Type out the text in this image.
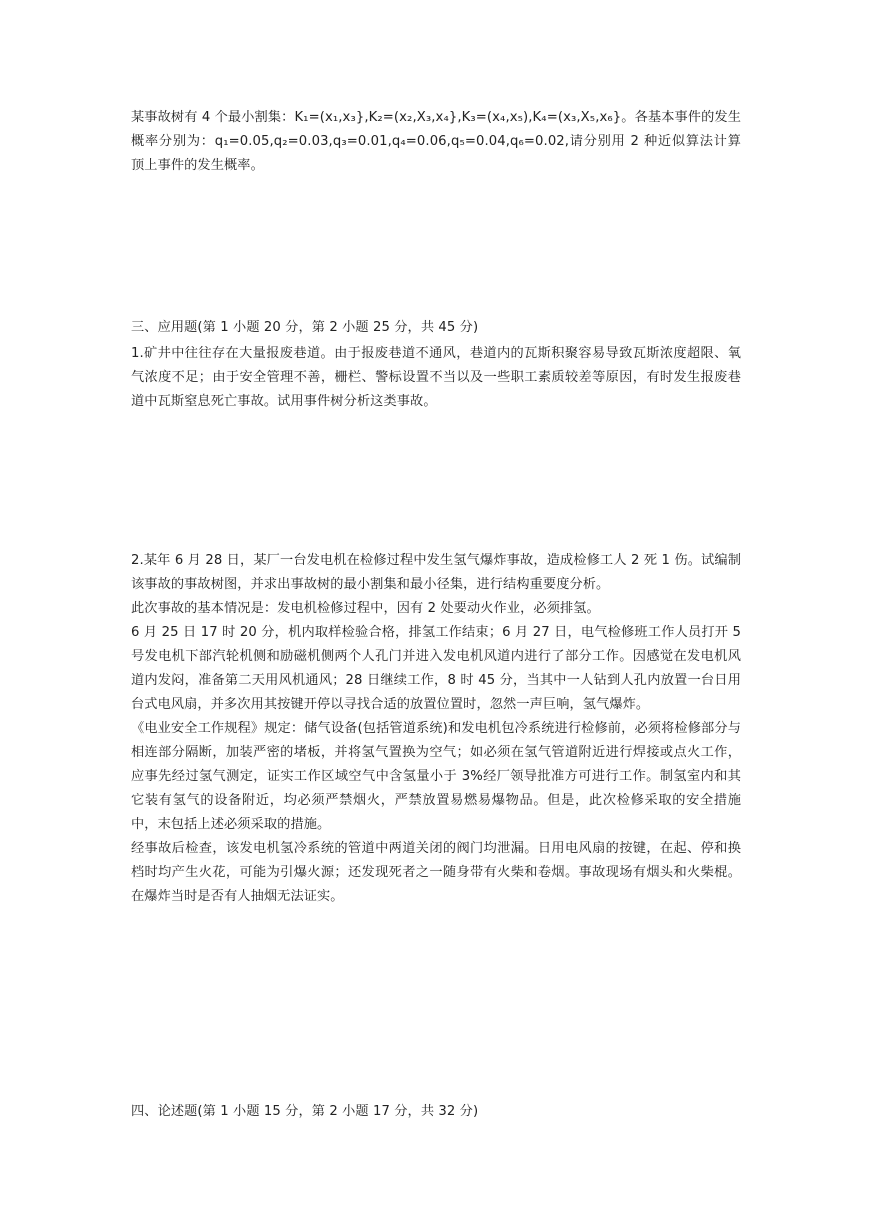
某事故树有 4 个最小割集：K₁=(x₁,x₃},K₂=(x₂,X₃,x₄},K₃=(x₄,x₅),K₄=(x₃,X₅,x₆}。各基本事件的发生概率分别为：q₁=0.05,q₂=0.03,q₃=0.01,q₄=0.06,q₅=0.04,q₆=0.02,请分别用 2 种近似算法计算顶上事件的发生概率。

三、应用题(第 1 小题 20 分，第 2 小题 25 分，共 45 分)

1.矿井中往往存在大量报废巷道。由于报废巷道不通风，巷道内的瓦斯积聚容易导致瓦斯浓度超限、氧气浓度不足；由于安全管理不善，栅栏、警标设置不当以及一些职工素质较差等原因，有时发生报废巷道中瓦斯窒息死亡事故。试用事件树分析这类事故。

2.某年 6 月 28 日，某厂一台发电机在检修过程中发生氢气爆炸事故，造成检修工人 2 死 1 伤。试编制该事故的事故树图，并求出事故树的最小割集和最小径集，进行结构重要度分析。

此次事故的基本情况是：发电机检修过程中，因有 2 处要动火作业，必须排氢。

6 月 25 日 17 时 20 分，机内取样检验合格，排氢工作结束；6 月 27 日，电气检修班工作人员打开 5 号发电机下部汽轮机侧和励磁机侧两个人孔门并进入发电机风道内进行了部分工作。因感觉在发电机风道内发闷，准备第二天用风机通风；28 日继续工作，8 时 45 分，当其中一人钻到人孔内放置一台日用台式电风扇，并多次用其按键开停以寻找合适的放置位置时，忽然一声巨响，氢气爆炸。

《电业安全工作规程》规定：储气设备(包括管道系统)和发电机包冷系统进行检修前，必须将检修部分与相连部分隔断，加装严密的堵板，并将氢气置换为空气；如必须在氢气管道附近进行焊接或点火工作，应事先经过氢气测定，证实工作区域空气中含氢量小于 3%经厂领导批准方可进行工作。制氢室内和其它装有氢气的设备附近，均必须严禁烟火，严禁放置易燃易爆物品。但是，此次检修采取的安全措施中，末包括上述必须采取的措施。

经事故后检查，该发电机氢冷系统的管道中两道关闭的阀门均泄漏。日用电风扇的按键，在起、停和换档时均产生火花，可能为引爆火源；还发现死者之一随身带有火柴和卷烟。事故现场有烟头和火柴棍。在爆炸当时是否有人抽烟无法证实。

四、论述题(第 1 小题 15 分，第 2 小题 17 分，共 32 分)
